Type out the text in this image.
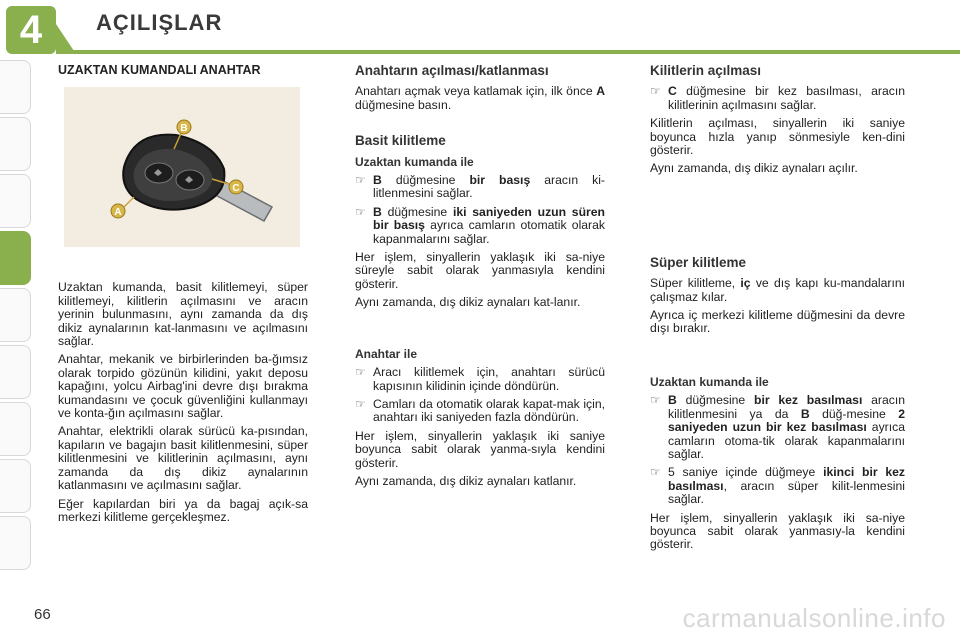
4	AÇILIŞLAR
UZAKTAN KUMANDALI ANAHTAR
A
B
C

Uzaktan kumanda, basit kilitlemeyi, süper kilitlemeyi, kilitlerin açılmasını ve aracın yerinin bulunmasını, aynı zamanda da dış dikiz aynalarının kat-lanmasını ve açılmasını sağlar.

Anahtar, mekanik ve birbirlerinden ba-ğımsız olarak torpido gözünün kilidini, yakıt deposu kapağını, yolcu Airbag'ini devre dışı bırakma kumandasını ve çocuk güvenliğini kullanmayı ve konta-ğın açılmasını sağlar.

Anahtar, elektrikli olarak sürücü ka-pısından, kapıların ve bagajın basit kilitlenmesini, süper kilitlenmesini ve kilitlerinin açılmasını, aynı zamanda da dış dikiz aynalarının katlanmasını ve açılmasını sağlar.

Eğer kapılardan biri ya da bagaj açık-sa merkezi kilitleme gerçekleşmez.

Anahtarın açılması/katlanması

Anahtarı açmak veya katlamak için, ilk önce A düğmesine basın.

Basit kilitleme
Uzaktan kumanda ile
☞ B düğmesine bir basış aracın ki-litlenmesini sağlar.
☞ B düğmesine iki saniyeden uzun süren bir basış ayrıca camların otomatik olarak kapanmalarını sağlar.

Her işlem, sinyallerin yaklaşık iki sa-niye süreyle sabit olarak yanmasıyla kendini gösterir.

Aynı zamanda, dış dikiz aynaları kat-lanır.

Anahtar ile
☞ Aracı kilitlemek için, anahtarı sürücü kapısının kilidinin içinde döndürün.
☞ Camları da otomatik olarak kapat-mak için, anahtarı iki saniyeden fazla döndürün.

Her işlem, sinyallerin yaklaşık iki saniye boyunca sabit olarak yanma-sıyla kendini gösterir.

Aynı zamanda, dış dikiz aynaları katlanır.

Kilitlerin açılması
☞ C düğmesine bir kez basılması, aracın kilitlerinin açılmasını sağlar.

Kilitlerin açılması, sinyallerin iki saniye boyunca hızla yanıp sönmesiyle ken-dini gösterir.

Aynı zamanda, dış dikiz aynaları açılır.

Süper kilitleme

Süper kilitleme, iç ve dış kapı ku-mandalarını çalışmaz kılar.

Ayrıca iç merkezi kilitleme düğmesini da devre dışı bırakır.

Uzaktan kumanda ile
☞ B düğmesine bir kez basılması aracın kilitlenmesini ya da B düğ-mesine 2 saniyeden uzun bir kez basılması ayrıca camların otoma-tik olarak kapanmalarını sağlar.
☞ 5 saniye içinde düğmeye ikinci bir kez basılması, aracın süper kilit-lenmesini sağlar.

Her işlem, sinyallerin yaklaşık iki sa-niye boyunca sabit olarak yanmasıy-la kendini gösterir.

66	carmanualsonline.info
